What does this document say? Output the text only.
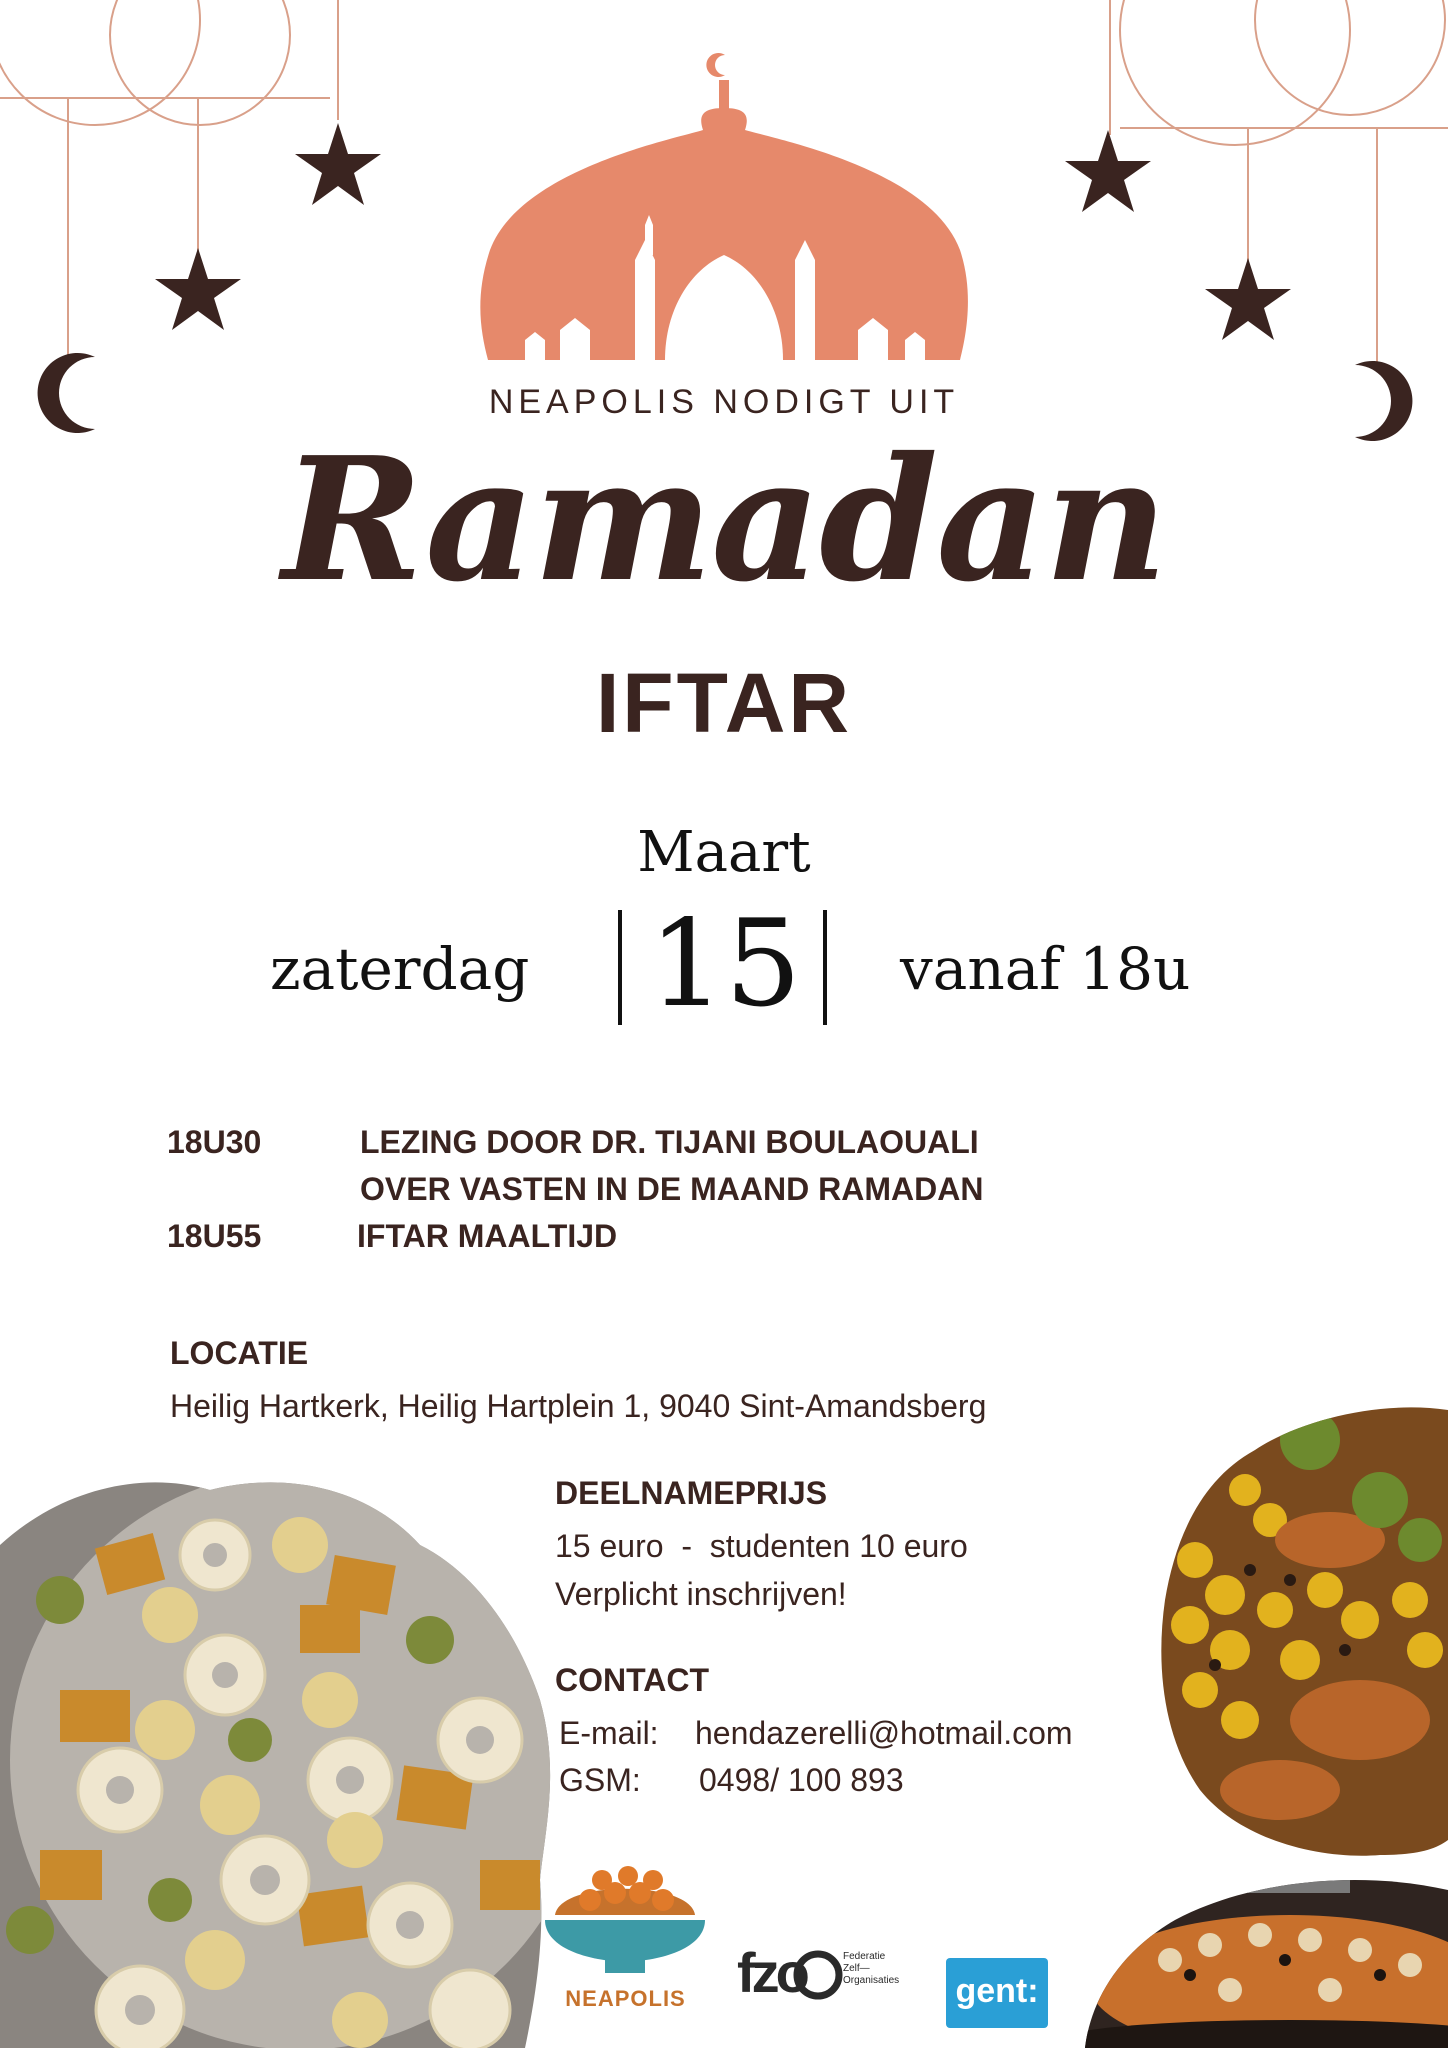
NEAPOLIS NODIGT UIT
Ramadan
IFTAR
Maart
zaterdag 15	vanaf 18u
18U30	LEZING DOOR DR. TIJANI BOULAOUALI
OVER VASTEN IN DE MAAND RAMADAN
18U55	IFTAR MAALTIJD
LOCATIE
Heilig Hartkerk, Heilig Hartplein 1, 9040 Sint-Amandsberg
DEELNAMEPRIJS
15 euro  -  studenten 10 euro
Verplicht inschrijven!
CONTACT
E-mail: hendazerelli@hotmail.com
GSM: 0498/ 100 893
NEAPOLIS fzo	Federatie
Zelf—
Organisaties gent:
